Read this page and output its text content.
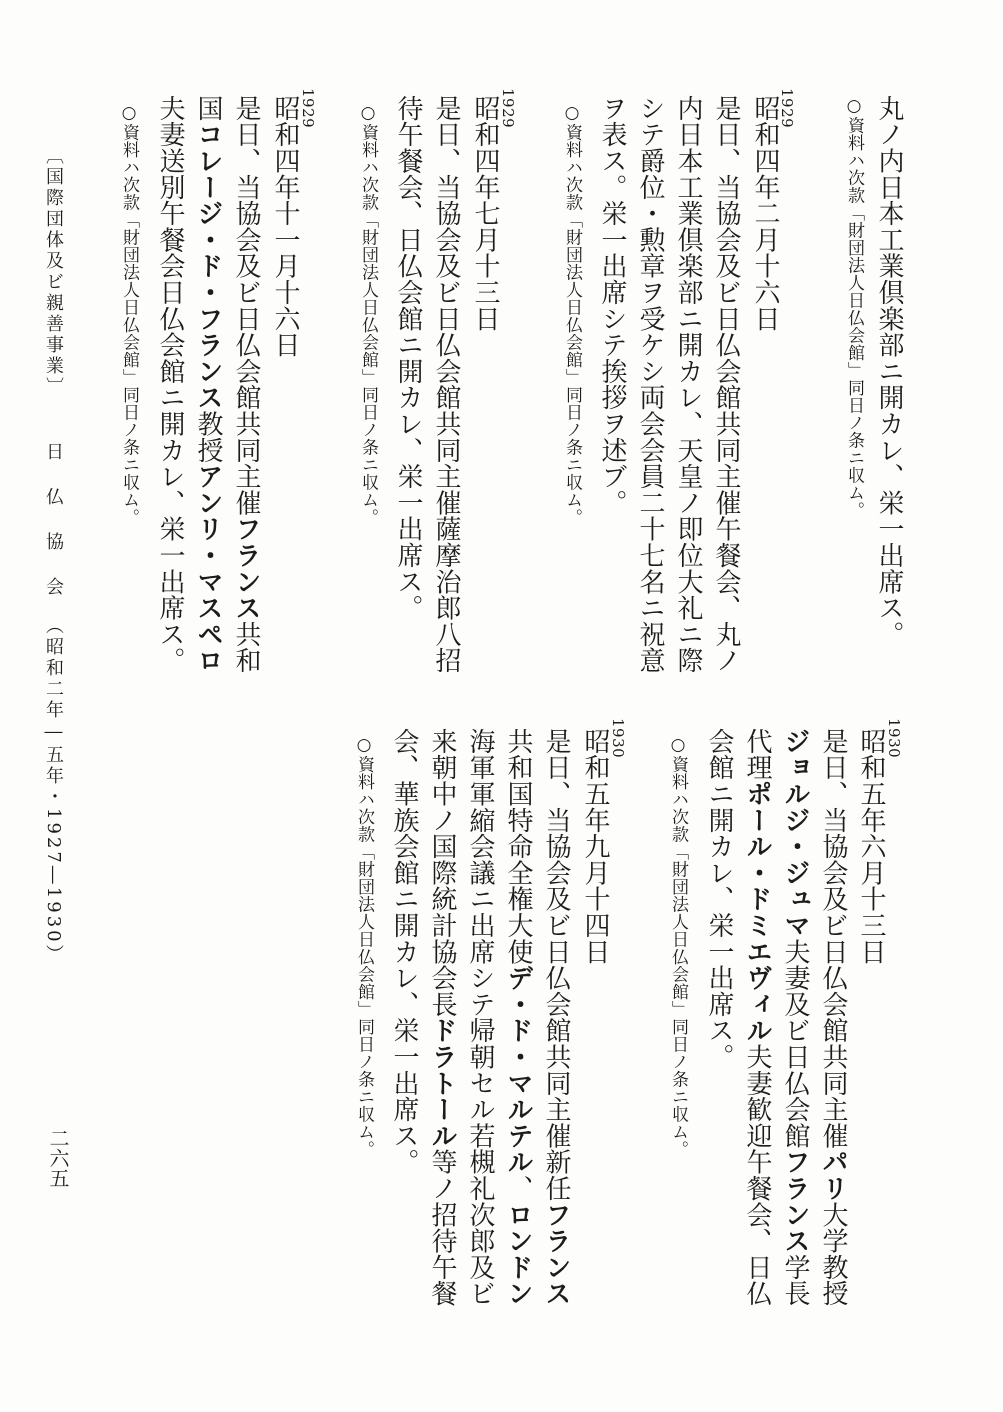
丸ノ内日本工業倶楽部ニ開カレ、栄一出席ス。

○資料ハ次款「財団法人日仏会館」同日ノ条ニ収ム。

1929

昭和四年二月十六日

是日、当協会及ビ日仏会館共同主催午餐会、丸ノ

内日本工業倶楽部ニ開カレ、天皇ノ即位大礼ニ際

シテ爵位・勲章ヲ受ケシ両会会員二十七名ニ祝意

ヲ表ス。栄一出席シテ挨拶ヲ述ブ。

○資料ハ次款「財団法人日仏会館」同日ノ条ニ収ム。

1929

昭和四年七月十三日

是日、当協会及ビ日仏会館共同主催薩摩治郎八招

待午餐会、日仏会館ニ開カレ、栄一出席ス。

○資料ハ次款「財団法人日仏会館」同日ノ条ニ収ム。

1929

昭和四年十一月十六日

是日、当協会及ビ日仏会館共同主催フランス共和

国コレージ・ド・フランス教授アンリ・マスペロ

夫妻送別午餐会日仏会館ニ開カレ、栄一出席ス。

○資料ハ次款「財団法人日仏会館」同日ノ条ニ収ム。

1930

昭和五年六月十三日

是日、当協会及ビ日仏会館共同主催パリ大学教授

ジョルジ・ジュマ夫妻及ビ日仏会館フランス学長

代理ポール・ドミエヴィル夫妻歓迎午餐会、日仏

会館ニ開カレ、栄一出席ス。

○資料ハ次款「財団法人日仏会館」同日ノ条ニ収ム。

1930

昭和五年九月十四日

是日、当協会及ビ日仏会館共同主催新任フランス

共和国特命全権大使デ・ド・マルテル、ロンドン

海軍軍縮会議ニ出席シテ帰朝セル若槻礼次郎及ビ

来朝中ノ国際統計協会長ドラトール等ノ招待午餐

会、華族会館ニ開カレ、栄一出席ス。

○資料ハ次款「財団法人日仏会館」同日ノ条ニ収ム。

〔国際団体及ビ親善事業〕日 仏 協 会（昭和二年―五年・1927―1930）

二六五
